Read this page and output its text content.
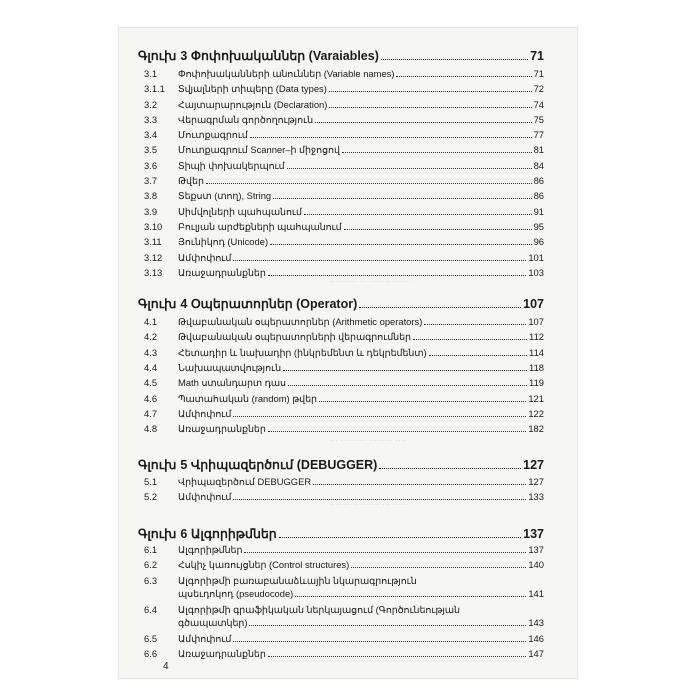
·········· ··· ········ ·······
··· ·········· ········· ····
········ ·········· ··· ······
Գլուխ 3 Փոփոխականներ (Varaiables)	71
3.1	Փոփոխականների անուններ (Variable names)	71
3.1.1	Տվյալների տիպերը (Data types)	72
3.2	Հայտարարություն (Declaration)	74
3.3	Վերագրման գործողություն	75
3.4	Մուտքագրում	77
3.5	Մուտքագրում Scanner–ի միջոցով	81
3.6	Տիպի փոխակերպում	84
3.7	Թվեր	86
3.8	Տեքստ (տող), String	86
3.9	Սիմվոլների պահպանում	91
3.10	Բուլյան արժեքների պահպանում	95
3.11	Յունիկոդ (Unicode)	96
3.12	Ամփոփում	101
3.13	Առաջադրանքներ	103
Գլուխ 4 Օպերատորներ (Operator)	107
4.1	Թվաբանական օպերատորներ (Arithmetic operators)	107
4.2	Թվաբանական օպերատորների վերագրումներ	112
4.3	Հետադիր և նախադիր (ինկրեմենտ և դեկրեմենտ)	114
4.4	Նախապատվություն	118
4.5	Math ստանդարտ դաս	119
4.6	Պատահական (random) թվեր	121
4.7	Ամփոփում	122
4.8	Առաջադրանքներ	182
Գլուխ 5 Վրիպազերծում (DEBUGGER)	127
5.1	Վրիպազերծում DEBUGGER	127
5.2	Ամփոփում	133
Գլուխ 6 Ալգորիթմներ	137
6.1	Ալգորիթմներ	137
6.2	Հսկիչ կառույցներ (Control structures)	140
6.3	Ալգորիթմի բառաբանաձևային նկարագրություն
պսեւդոկոդ (pseudocode)	141
6.4	Ալգորիթմի գրաֆիկական ներկայացում (Գործունեության
գծապատկեր)	143
6.5	Ամփոփում	146
6.6	Առաջադրանքներ	147
4
